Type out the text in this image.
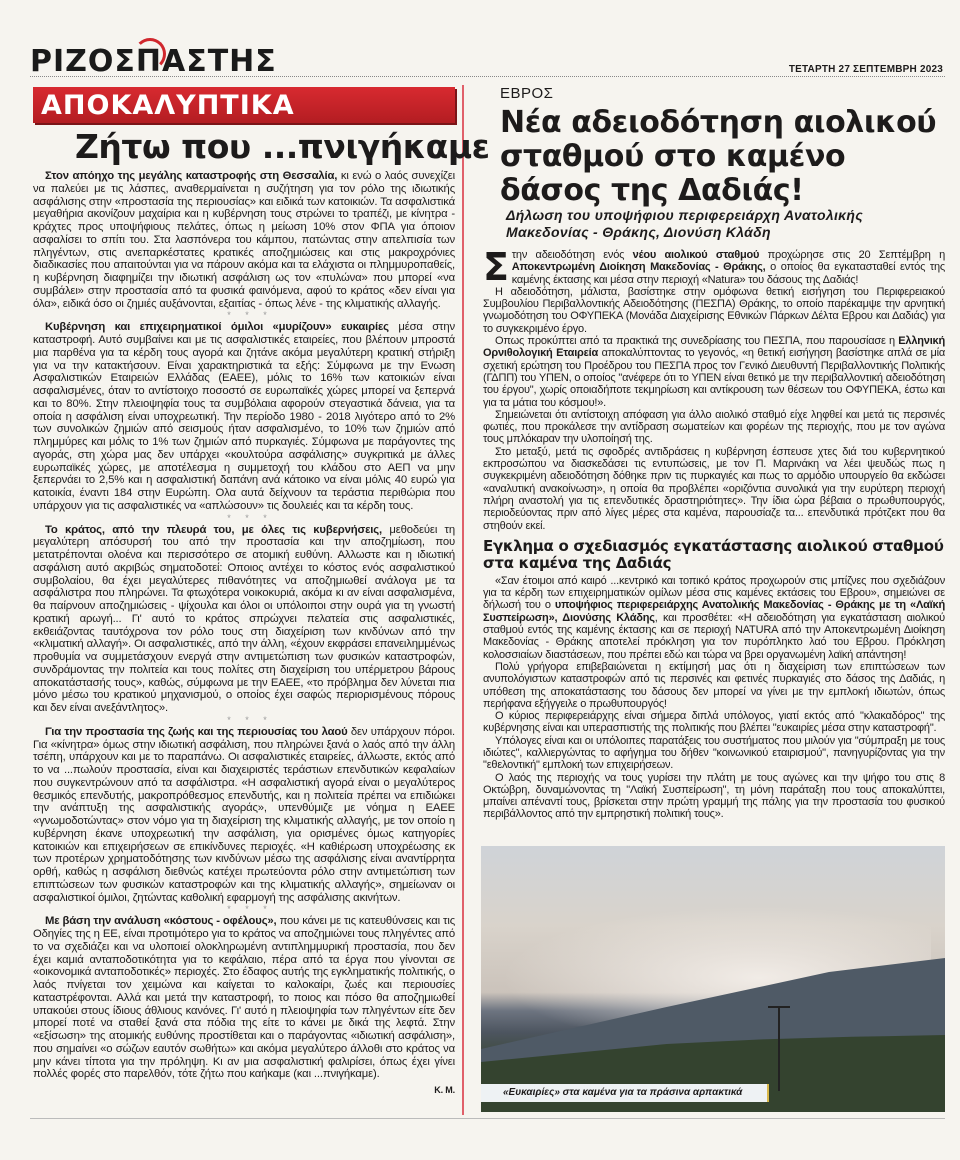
ΡΙΖΟΣΠΑΣΤΗΣ	ΤΕΤΑΡΤΗ 27 ΣΕΠΤΕΜΒΡΗ 2023
ΑΠΟΚΑΛΥΠΤΙΚΑ
Ζήτω που ...πνιγήκαμε

Στον απόηχο της μεγάλης καταστροφής στη Θεσσαλία, κι ενώ ο λαός συνεχίζει να παλεύει με τις λάσπες, αναθερμαίνεται η συζήτηση για τον ρόλο της ιδιωτικής ασφάλισης στην «προστασία της περιουσίας» και ειδικά των κατοικιών. Τα ασφαλιστικά μεγαθήρια ακονίζουν μαχαίρια και η κυβέρνηση τους στρώνει το τραπέζι, με κίνητρα - κράχτες προς υποψήφιους πελάτες, όπως η μείωση 10% στον ΦΠΑ για όποιον ασφαλίσει το σπίτι του. Στα λασπόνερα του κάμπου, πατώντας στην απελπισία των πληγέντων, στις ανεπαρκέστατες κρατικές αποζημιώσεις και στις μακροχρόνιες διαδικασίες που απαιτούνται για να πάρουν ακόμα και τα ελάχιστα οι πλημμυροπαθείς, η κυβέρνηση διαφημίζει την ιδιωτική ασφάλιση ως τον «πυλώνα» που μπορεί «να συμβάλει» στην προστασία από τα φυσικά φαινόμενα, αφού το κράτος «δεν είναι για όλα», ειδικά όσο οι ζημιές αυξάνονται, εξαιτίας - όπως λένε - της κλιματικής αλλαγής.

* * *

Κυβέρνηση και επιχειρηματικοί όμιλοι «μυρίζουν» ευκαιρίες μέσα στην καταστροφή. Αυτό συμβαίνει και με τις ασφαλιστικές εταιρείες, που βλέπουν μπροστά μια παρθένα για τα κέρδη τους αγορά και ζητάνε ακόμα μεγαλύτερη κρατική στήριξη για να την κατακτήσουν. Είναι χαρακτηριστικά τα εξής: Σύμφωνα με την Ενωση Ασφαλιστικών Εταιρειών Ελλάδας (ΕΑΕΕ), μόλις το 16% των κατοικιών είναι ασφαλισμένες, όταν το αντίστοιχο ποσοστό σε ευρωπαϊκές χώρες μπορεί να ξεπερνά και το 80%. Στην πλειοψηφία τους τα συμβόλαια αφορούν στεγαστικά δάνεια, για τα οποία η ασφάλιση είναι υποχρεωτική. Την περίοδο 1980 - 2018 λιγότερο από το 2% των συνολικών ζημιών από σεισμούς ήταν ασφαλισμένο, το 10% των ζημιών από πλημμύρες και μόλις το 1% των ζημιών από πυρκαγιές. Σύμφωνα με παράγοντες της αγοράς, στη χώρα μας δεν υπάρχει «κουλτούρα ασφάλισης» συγκριτικά με άλλες ευρωπαϊκές χώρες, με αποτέλεσμα η συμμετοχή του κλάδου στο ΑΕΠ να μην ξεπερνάει το 2,5% και η ασφαλιστική δαπάνη ανά κάτοικο να είναι μόλις 40 ευρώ για κατοικία, έναντι 184 στην Ευρώπη. Ολα αυτά δείχνουν τα τεράστια περιθώρια που υπάρχουν για τις ασφαλιστικές να «απλώσουν» τις δουλειές και τα κέρδη τους.

* * *

Το κράτος, από την πλευρά του, με όλες τις κυβερνήσεις, μεθοδεύει τη μεγαλύτερη απόσυρσή του από την προστασία και την αποζημίωση, που μετατρέπονται ολοένα και περισσότερο σε ατομική ευθύνη. Αλλωστε και η ιδιωτική ασφάλιση αυτό ακριβώς σηματοδοτεί: Οποιος αντέχει το κόστος ενός ασφαλιστικού συμβολαίου, θα έχει μεγαλύτερες πιθανότητες να αποζημιωθεί ανάλογα με τα ασφάλιστρα που πληρώνει. Τα φτωχότερα νοικοκυριά, ακόμα κι αν είναι ασφαλισμένα, θα παίρνουν αποζημιώσεις - ψίχουλα και όλοι οι υπόλοιποι στην ουρά για τη γνωστή κρατική αρωγή... Γι' αυτό το κράτος σπρώχνει πελατεία στις ασφαλιστικές, εκθειάζοντας ταυτόχρονα τον ρόλο τους στη διαχείριση των κινδύνων από την «κλιματική αλλαγή». Οι ασφαλιστικές, από την άλλη, «έχουν εκφράσει επανειλημμένως προθυμία να συμμετάσχουν ενεργά στην αντιμετώπιση των φυσικών καταστροφών, συνδράμοντας την πολιτεία και τους πολίτες στη διαχείριση του υπέρμετρου βάρους αποκατάστασής τους», καθώς, σύμφωνα με την ΕΑΕΕ, «το πρόβλημα δεν λύνεται πια μόνο μέσω του κρατικού μηχανισμού, ο οποίος έχει σαφώς περιορισμένους πόρους και δεν είναι ανεξάντλητος».

* * *

Για την προστασία της ζωής και της περιουσίας του λαού δεν υπάρχουν πόροι. Για «κίνητρα» όμως στην ιδιωτική ασφάλιση, που πληρώνει ξανά ο λαός από την άλλη τσέπη, υπάρχουν και με το παραπάνω. Οι ασφαλιστικές εταιρείες, άλλωστε, εκτός από το να ...πωλούν προστασία, είναι και διαχειριστές τεράστιων επενδυτικών κεφαλαίων που συγκεντρώνουν από τα ασφάλιστρα. «Η ασφαλιστική αγορά είναι ο μεγαλύτερος θεσμικός επενδυτής, μακροπρόθεσμος επενδυτής, και η πολιτεία πρέπει να επιδιώκει την ανάπτυξη της ασφαλιστικής αγοράς», υπενθύμιζε με νόημα η ΕΑΕΕ «γνωμοδοτώντας» στον νόμο για τη διαχείριση της κλιματικής αλλαγής, με τον οποίο η κυβέρνηση έκανε υποχρεωτική την ασφάλιση, για ορισμένες όμως κατηγορίες κατοικιών και επιχειρήσεων σε επικίνδυνες περιοχές. «Η καθιέρωση υποχρέωσης εκ των προτέρων χρηματοδότησης των κινδύνων μέσω της ασφάλισης είναι αναντίρρητα ορθή, καθώς η ασφάλιση διεθνώς κατέχει πρωτεύοντα ρόλο στην αντιμετώπιση των επιπτώσεων των φυσικών καταστροφών και της κλιματικής αλλαγής», σημείωναν οι ασφαλιστικοί όμιλοι, ζητώντας καθολική εφαρμογή της ασφάλισης ακινήτων.

* * *

Με βάση την ανάλυση «κόστους - οφέλους», που κάνει με τις κατευθύνσεις και τις Οδηγίες της η ΕΕ, είναι προτιμότερο για το κράτος να αποζημιώνει τους πληγέντες από το να σχεδιάζει και να υλοποιεί ολοκληρωμένη αντιπλημμυρική προστασία, που δεν έχει καμιά ανταποδοτικότητα για το κεφάλαιο, πέρα από τα έργα που γίνονται σε «οικονομικά ανταποδοτικές» περιοχές. Στο έδαφος αυτής της εγκληματικής πολιτικής, ο λαός πνίγεται τον χειμώνα και καίγεται το καλοκαίρι, ζωές και περιουσίες καταστρέφονται. Αλλά και μετά την καταστροφή, το ποιος και πόσο θα αποζημιωθεί υπακούει στους ίδιους άθλιους κανόνες. Γι' αυτό η πλειοψηφία των πληγέντων είτε δεν μπορεί ποτέ να σταθεί ξανά στα πόδια της είτε το κάνει με δικά της λεφτά. Στην «εξίσωση» της ατομικής ευθύνης προστίθεται και ο παράγοντας «ιδιωτική ασφάλιση», που σημαίνει «ο σώζων εαυτόν σωθήτω» και ακόμα μεγαλύτερο άλλοθι στο κράτος να μην κάνει τίποτα για την πρόληψη. Κι αν μια ασφαλιστική φαλιρίσει, όπως έχει γίνει πολλές φορές στο παρελθόν, τότε ζήτω που καήκαμε (και ...πνιγήκαμε).

Κ. Μ.
ΕΒΡΟΣ
Νέα αδειοδότηση αιολικού σταθμού στο καμένο δάσος της Δαδιάς!
Δήλωση του υποψήφιου περιφερειάρχη Ανατολικής Μακεδονίας - Θράκης, Διονύση Κλάδη

Στην αδειοδότηση ενός νέου αιολικού σταθμού προχώρησε στις 20 Σεπτέμβρη η Αποκεντρωμένη Διοίκηση Μακεδονίας - Θράκης, ο οποίος θα εγκατασταθεί εντός της καμένης έκτασης και μέσα στην περιοχή «Natura» του δάσους της Δαδιάς!

Η αδειοδότηση, μάλιστα, βασίστηκε στην ομόφωνα θετική εισήγηση του Περιφερειακού Συμβουλίου Περιβαλλοντικής Αδειοδότησης (ΠΕΣΠΑ) Θράκης, το οποίο παρέκαμψε την αρνητική γνωμοδότηση του ΟΦΥΠΕΚΑ (Μονάδα Διαχείρισης Εθνικών Πάρκων Δέλτα Εβρου και Δαδιάς) για το συγκεκριμένο έργο.

Οπως προκύπτει από τα πρακτικά της συνεδρίασης του ΠΕΣΠΑ, που παρουσίασε η Ελληνική Ορνιθολογική Εταιρεία αποκαλύπτοντας το γεγονός, «η θετική εισήγηση βασίστηκε απλά σε μία σχετική ερώτηση του Προέδρου του ΠΕΣΠΑ προς τον Γενικό Διευθυντή Περιβαλλοντικής Πολιτικής (ΓΔΠΠ) του ΥΠΕΝ, ο οποίος "ανέφερε ότι το ΥΠΕΝ είναι θετικό με την περιβαλλοντική αδειοδότηση του έργου", χωρίς οποιαδήποτε τεκμηρίωση και αντίκρουση των θέσεων του ΟΦΥΠΕΚΑ, έστω και για τα μάτια του κόσμου!».

Σημειώνεται ότι αντίστοιχη απόφαση για άλλο αιολικό σταθμό είχε ληφθεί και μετά τις περσινές φωτιές, που προκάλεσε την αντίδραση σωματείων και φορέων της περιοχής, που με τον αγώνα τους μπλόκαραν την υλοποίησή της.

Στο μεταξύ, μετά τις σφοδρές αντιδράσεις η κυβέρνηση έσπευσε χτες διά του κυβερνητικού εκπροσώπου να διασκεδάσει τις εντυπώσεις, με τον Π. Μαρινάκη να λέει ψευδώς πως η συγκεκριμένη αδειοδότηση δόθηκε πριν τις πυρκαγιές και πως το αρμόδιο υπουργείο θα εκδώσει «αναλυτική ανακοίνωση», η οποία θα προβλέπει «οριζόντια συνολικά για την ευρύτερη περιοχή πλήρη αναστολή για τις επενδυτικές δραστηριότητες». Την ίδια ώρα βέβαια ο πρωθυπουργός, περιοδεύοντας πριν από λίγες μέρες στα καμένα, παρουσίαζε τα... επενδυτικά πρότζεκτ που θα στηθούν εκεί.

Εγκλημα ο σχεδιασμός εγκατάστασης αιολικού σταθμού στα καμένα της Δαδιάς

«Σαν έτοιμοι από καιρό ...κεντρικό και τοπικό κράτος προχωρούν στις μπίζνες που σχεδιάζουν για τα κέρδη των επιχειρηματικών ομίλων μέσα στις καμένες εκτάσεις του Εβρου», σημειώνει σε δήλωσή του ο υποψήφιος περιφερειάρχης Ανατολικής Μακεδονίας - Θράκης με τη «Λαϊκή Συσπείρωση», Διονύσης Κλάδης, και προσθέτει: «Η αδειοδότηση για εγκατάσταση αιολικού σταθμού εντός της καμένης έκτασης και σε περιοχή NATURA από την Αποκεντρωμένη Διοίκηση Μακεδονίας - Θράκης αποτελεί πρόκληση για τον πυρόπληκτο λαό του Εβρου. Πρόκληση κολοσσιαίων διαστάσεων, που πρέπει εδώ και τώρα να βρει οργανωμένη λαϊκή απάντηση!

Πολύ γρήγορα επιβεβαιώνεται η εκτίμησή μας ότι η διαχείριση των επιπτώσεων των ανυπολόγιστων καταστροφών από τις περσινές και φετινές πυρκαγιές στο δάσος της Δαδιάς, η υπόθεση της αποκατάστασης του δάσους δεν μπορεί να γίνει με την εμπλοκή ιδιωτών, όπως περήφανα εξήγγειλε ο πρωθυπουργός!

Ο κύριος περιφερειάρχης είναι σήμερα διπλά υπόλογος, γιατί εκτός από "κλακαδόρος" της κυβέρνησης είναι και υπερασπιστής της πολιτικής που βλέπει "ευκαιρίες μέσα στην καταστροφή".

Υπόλογες είναι και οι υπόλοιπες παρατάξεις του συστήματος που μιλούν για "σύμπραξη με τους ιδιώτες", καλλιεργώντας το αφήγημα του δήθεν "κοινωνικού εταιρισμού", πανηγυρίζοντας για την "εθελοντική" εμπλοκή των επιχειρήσεων.

Ο λαός της περιοχής να τους γυρίσει την πλάτη με τους αγώνες και την ψήφο του στις 8 Οκτώβρη, δυναμώνοντας τη "Λαϊκή Συσπείρωση", τη μόνη παράταξη που τους αποκαλύπτει, μπαίνει απέναντί τους, βρίσκεται στην πρώτη γραμμή της πάλης για την προστασία του φυσικού περιβάλλοντος από την εμπρηστική πολιτική τους».

«Ευκαιρίες» στα καμένα για τα πράσινα αρπακτικά
